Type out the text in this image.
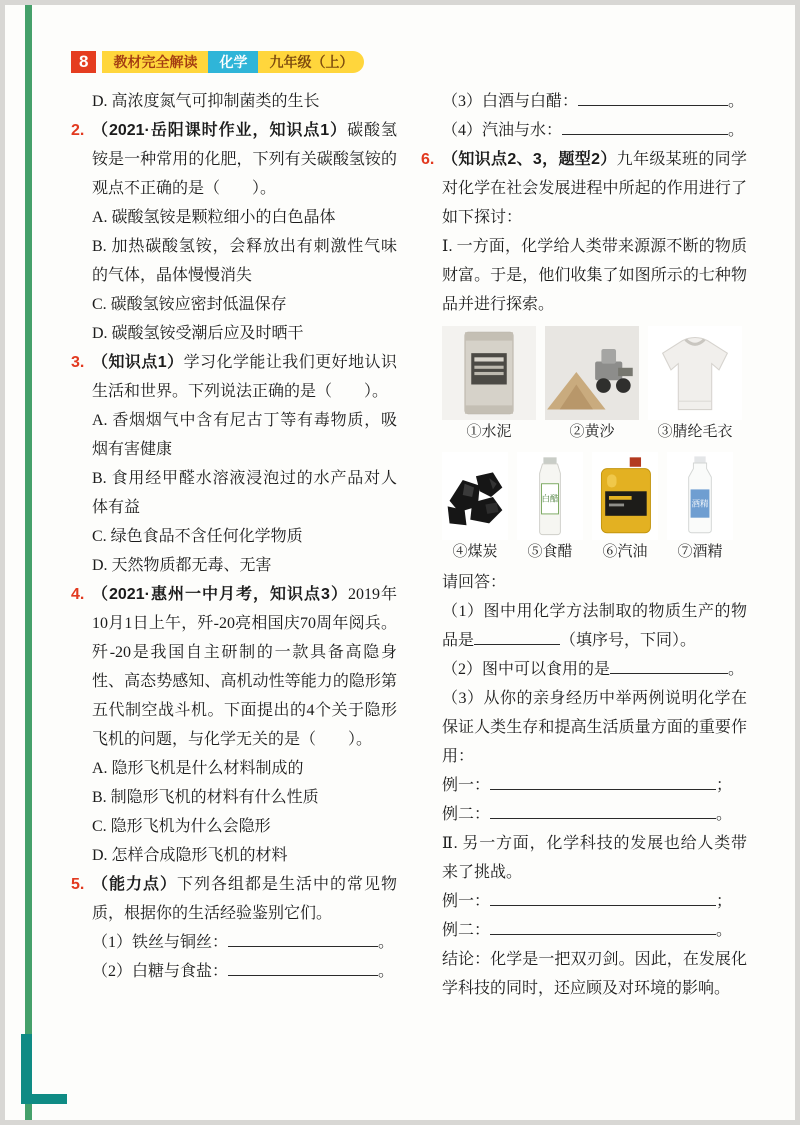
8	教材完全解读	化学	九年级（上）
D. 高浓度氮气可抑制菌类的生长
2. （2021·岳阳课时作业，知识点1）碳酸氢铵是一种常用的化肥，下列有关碳酸氢铵的观点不正确的是（　　）。
A. 碳酸氢铵是颗粒细小的白色晶体
B. 加热碳酸氢铵，会释放出有刺激性气味的气体，晶体慢慢消失
C. 碳酸氢铵应密封低温保存
D. 碳酸氢铵受潮后应及时晒干
3. （知识点1）学习化学能让我们更好地认识生活和世界。下列说法正确的是（　　）。
A. 香烟烟气中含有尼古丁等有毒物质，吸烟有害健康
B. 食用经甲醛水溶液浸泡过的水产品对人体有益
C. 绿色食品不含任何化学物质
D. 天然物质都无毒、无害
4. （2021·惠州一中月考，知识点3）2019年10月1日上午，歼-20亮相国庆70周年阅兵。歼-20是我国自主研制的一款具备高隐身性、高态势感知、高机动性等能力的隐形第五代制空战斗机。下面提出的4个关于隐形飞机的问题，与化学无关的是（　　）。
A. 隐形飞机是什么材料制成的
B. 制隐形飞机的材料有什么性质
C. 隐形飞机为什么会隐形
D. 怎样合成隐形飞机的材料
5. （能力点）下列各组都是生活中的常见物质，根据你的生活经验鉴别它们。
（1）铁丝与铜丝：	。
（2）白糖与食盐：	。
（3）白酒与白醋：	。
（4）汽油与水：	。
6. （知识点2、3，题型2）九年级某班的同学对化学在社会发展进程中所起的作用进行了如下探讨：
Ⅰ. 一方面，化学给人类带来源源不断的物质财富。于是，他们收集了如图所示的七种物品并进行探索。
①水泥	②黄沙	③腈纶毛衣
④煤炭
白醋
⑤食醋 ⑥汽油
酒精
⑦酒精
请回答：
（1）图中用化学方法制取的物质生产的物品是	（填序号，下同）。
（2）图中可以食用的是	。
（3）从你的亲身经历中举两例说明化学在保证人类生存和提高生活质量方面的重要作用：
例一：	；
例二：	。
Ⅱ. 另一方面，化学科技的发展也给人类带来了挑战。
例一：	；
例二：	。
结论：化学是一把双刃剑。因此，在发展化学科技的同时，还应顾及对环境的影响。
